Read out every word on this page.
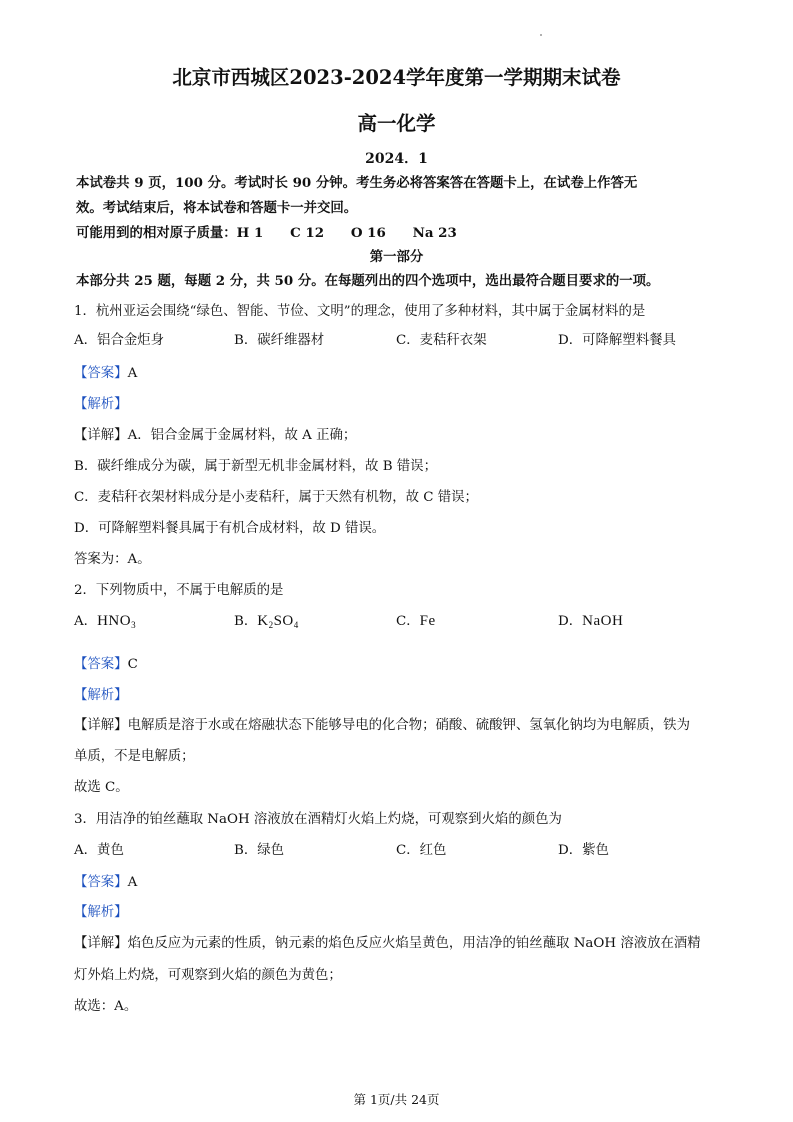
北京市西城区2023-2024学年度第一学期期末试卷
高一化学
2024．1
本试卷共 9 页，100 分。考试时长 90 分钟。考生务必将答案答在答题卡上，在试卷上作答无
效。考试结束后，将本试卷和答题卡一并交回。
可能用到的相对原子质量：H 1　　C 12　　O 16　　Na 23
第一部分
本部分共 25 题，每题 2 分，共 50 分。在每题列出的四个选项中，选出最符合题目要求的一项。
1．杭州亚运会围绕“绿色、智能、节俭、文明”的理念，使用了多种材料，其中属于金属材料的是
A．铝合金炬身	B．碳纤维器材	C．麦秸秆衣架	D．可降解塑料餐具
【答案】A
【解析】
【详解】A．铝合金属于金属材料，故 A 正确；
B．碳纤维成分为碳，属于新型无机非金属材料，故 B 错误；
C．麦秸秆衣架材料成分是小麦秸秆，属于天然有机物，故 C 错误；
D．可降解塑料餐具属于有机合成材料，故 D 错误。
答案为：A。
2．下列物质中，不属于电解质的是
A．$HNO_3$	B．$K_2SO_4$	C．Fe	D．NaOH
【答案】C
【解析】
【详解】电解质是溶于水或在熔融状态下能够导电的化合物；硝酸、硫酸钾、氢氧化钠均为电解质，铁为
单质，不是电解质；
故选 C。
3．用洁净的铂丝蘸取 NaOH 溶液放在酒精灯火焰上灼烧，可观察到火焰的颜色为
A．黄色	B．绿色	C．红色	D．紫色
【答案】A
【解析】
【详解】焰色反应为元素的性质，钠元素的焰色反应火焰呈黄色，用洁净的铂丝蘸取 NaOH 溶液放在酒精
灯外焰上灼烧，可观察到火焰的颜色为黄色；
故选：A。
第 1页/共 24页
